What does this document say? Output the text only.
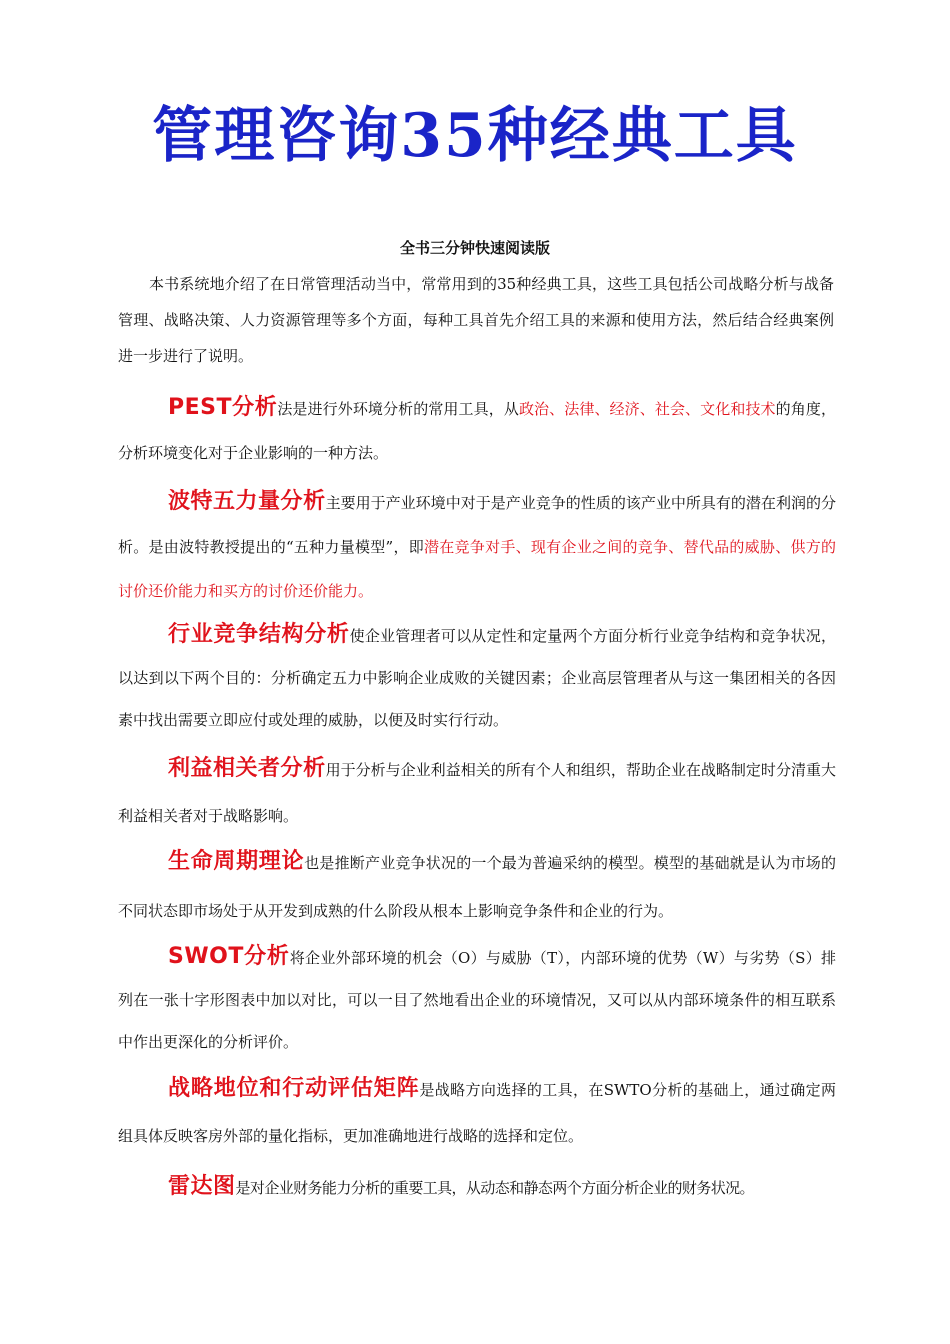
管理咨询35种经典工具

全书三分钟快速阅读版

本书系统地介绍了在日常管理活动当中，常常用到的35种经典工具，这些工具包括公司战略分析与战备管理、战略决策、人力资源管理等多个方面，每种工具首先介绍工具的来源和使用方法，然后结合经典案例进一步进行了说明。

PEST分析法是进行外环境分析的常用工具，从政治、法律、经济、社会、文化和技术的角度，分析环境变化对于企业影响的一种方法。

波特五力量分析主要用于产业环境中对于是产业竞争的性质的该产业中所具有的潜在利润的分析。是由波特教授提出的“五种力量模型”，即潜在竞争对手、现有企业之间的竞争、替代品的威胁、供方的讨价还价能力和买方的讨价还价能力。

行业竞争结构分析使企业管理者可以从定性和定量两个方面分析行业竞争结构和竞争状况，以达到以下两个目的：分析确定五力中影响企业成败的关键因素；企业高层管理者从与这一集团相关的各因素中找出需要立即应付或处理的威胁，以便及时实行行动。

利益相关者分析用于分析与企业利益相关的所有个人和组织，帮助企业在战略制定时分清重大利益相关者对于战略影响。

生命周期理论也是推断产业竞争状况的一个最为普遍采纳的模型。模型的基础就是认为市场的不同状态即市场处于从开发到成熟的什么阶段从根本上影响竞争条件和企业的行为。

SWOT分析将企业外部环境的机会（O）与威胁（T），内部环境的优势（W）与劣势（S）排列在一张十字形图表中加以对比，可以一目了然地看出企业的环境情况，又可以从内部环境条件的相互联系中作出更深化的分析评价。

战略地位和行动评估矩阵是战略方向选择的工具，在SWTO分析的基础上，通过确定两组具体反映客房外部的量化指标，更加准确地进行战略的选择和定位。

雷达图是对企业财务能力分析的重要工具，从动态和静态两个方面分析企业的财务状况。
